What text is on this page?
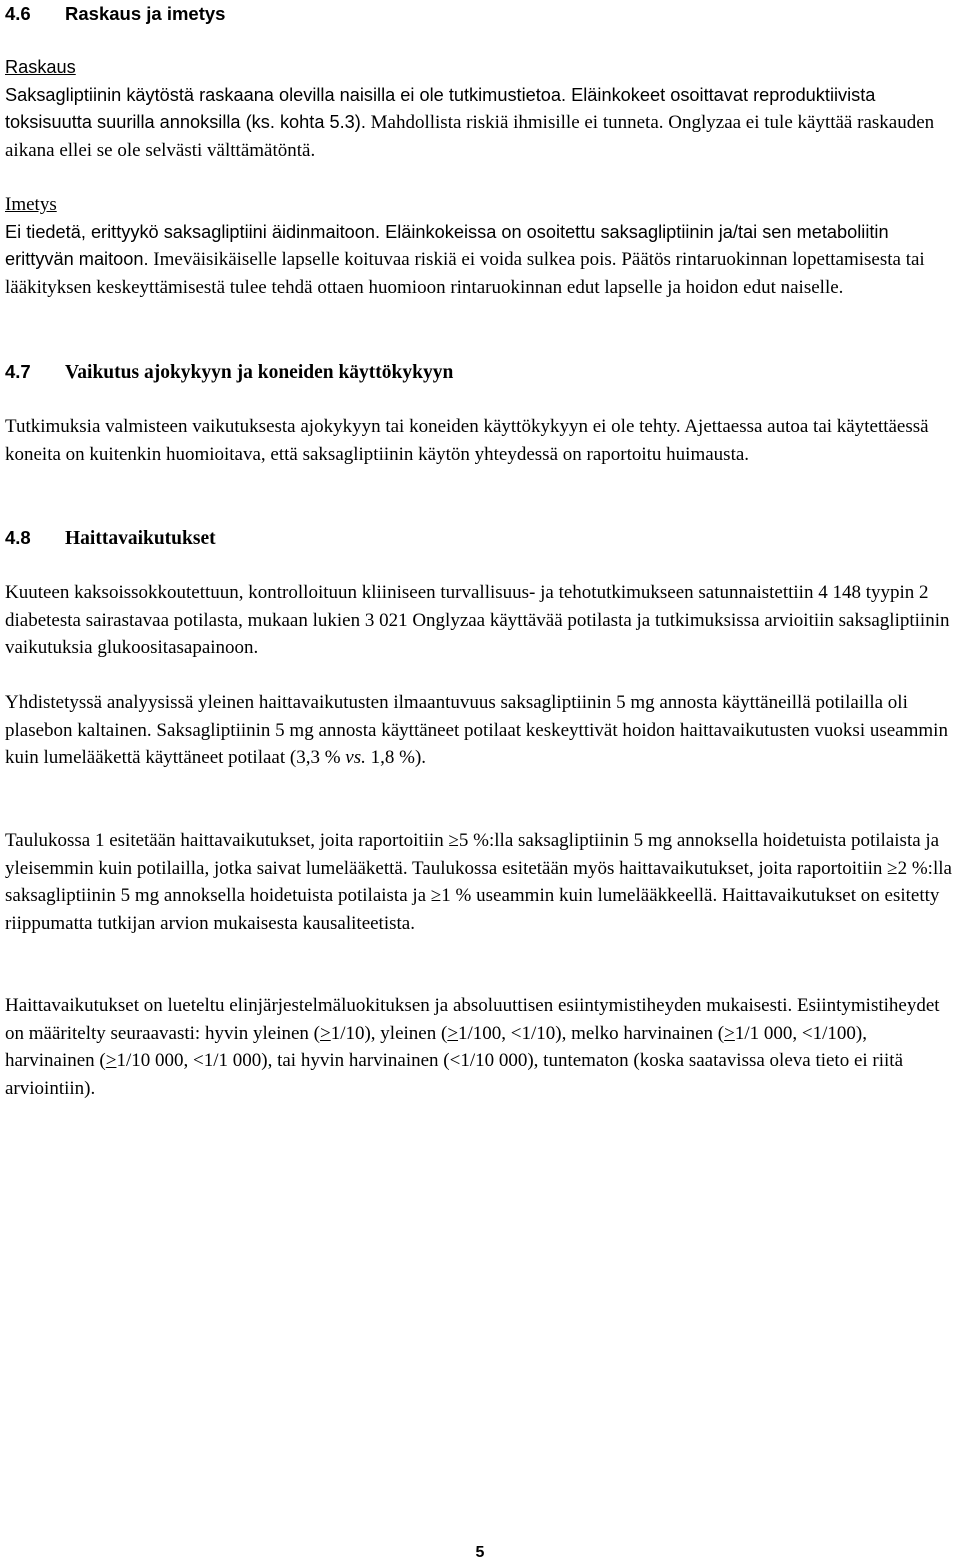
4.6 Raskaus ja imetys
Raskaus

Saksagliptiinin käytöstä raskaana olevilla naisilla ei ole tutkimustietoa. Eläinkokeet osoittavat reproduktiivista toksisuutta suurilla annoksilla (ks. kohta 5.3). Mahdollista riskiä ihmisille ei tunneta. Onglyzaa ei tule käyttää raskauden aikana ellei se ole selvästi välttämätöntä.

Imetys

Ei tiedetä, erittyykö saksagliptiini äidinmaitoon. Eläinkokeissa on osoitettu saksagliptiinin ja/tai sen metaboliitin erittyvän maitoon. Imeväisikäiselle lapselle koituvaa riskiä ei voida sulkea pois. Päätös rintaruokinnan lopettamisesta tai lääkityksen keskeyttämisestä tulee tehdä ottaen huomioon rintaruokinnan edut lapselle ja hoidon edut naiselle.

4.7 Vaikutus ajokykyyn ja koneiden käyttökykyyn

Tutkimuksia valmisteen vaikutuksesta ajokykyyn tai koneiden käyttökykyyn ei ole tehty. Ajettaessa autoa tai käytettäessä koneita on kuitenkin huomioitava, että saksagliptiinin käytön yhteydessä on raportoitu huimausta.

4.8 Haittavaikutukset

Kuuteen kaksoissokkoutettuun, kontrolloituun kliiniseen turvallisuus- ja tehotutkimukseen satunnaistettiin 4 148 tyypin 2 diabetesta sairastavaa potilasta, mukaan lukien 3 021 Onglyzaa käyttävää potilasta ja tutkimuksissa arvioitiin saksagliptiinin vaikutuksia glukoositasapainoon.

Yhdistetyssä analyysissä yleinen haittavaikutusten ilmaantuvuus saksagliptiinin 5 mg annosta käyttäneillä potilailla oli plasebon kaltainen. Saksagliptiinin 5 mg annosta käyttäneet potilaat keskeyttivät hoidon haittavaikutusten vuoksi useammin kuin lumelääkettä käyttäneet potilaat (3,3 % vs. 1,8 %).

Taulukossa 1 esitetään haittavaikutukset, joita raportoitiin ≥5 %:lla saksagliptiinin 5 mg annoksella hoidetuista potilaista ja yleisemmin kuin potilailla, jotka saivat lumelääkettä. Taulukossa esitetään myös haittavaikutukset, joita raportoitiin ≥2 %:lla saksagliptiinin 5 mg annoksella hoidetuista potilaista ja ≥1 % useammin kuin lumelääkkeellä. Haittavaikutukset on esitetty riippumatta tutkijan arvion mukaisesta kausaliteetista.

Haittavaikutukset on lueteltu elinjärjestelmäluokituksen ja absoluuttisen esiintymistiheyden mukaisesti. Esiintymistiheydet on määritelty seuraavasti: hyvin yleinen (≥1/10), yleinen (≥1/100, <1/10), melko harvinainen (≥1/1 000, <1/100), harvinainen (≥1/10 000, <1/1 000), tai hyvin harvinainen (<1/10 000), tuntematon (koska saatavissa oleva tieto ei riitä arviointiin).

5
